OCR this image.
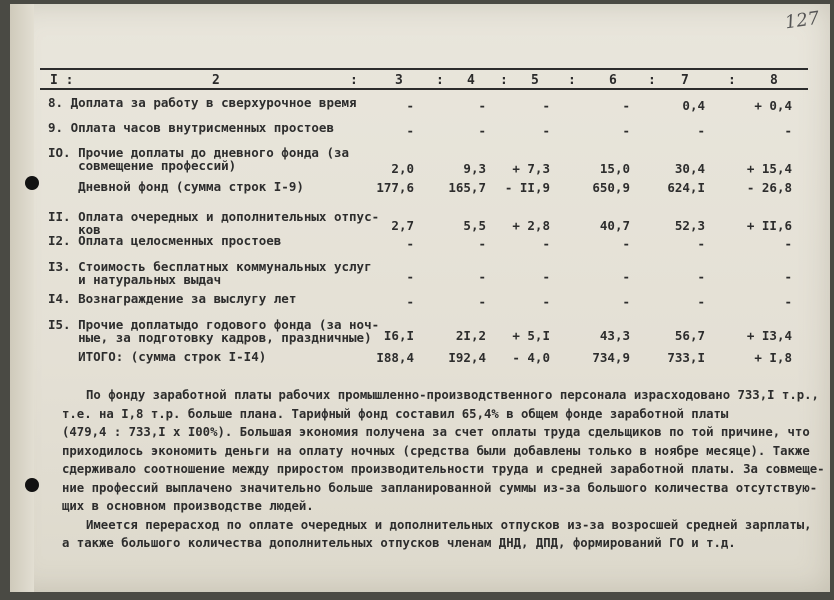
127
I :	2	:	3	: 4 : 5 :	6 : 7	:	8
8. Доплата за работу в сверхурочное время	-	-	-	-	0,4	+ 0,4
9. Оплата часов внутрисменных простоев	-	-	-	-	-	-
IO. Прочие доплаты до дневного фонда (за
совмещение профессий)	2,0	9,3	+ 7,3	15,0	30,4	+ 15,4
Дневной фонд (сумма строк I-9)	177,6	165,7	- II,9	650,9	624,I	- 26,8
II. Оплата очередных и дополнительных отпус-
ков	2,7	5,5	+ 2,8	40,7	52,3	+ II,6
I2. Оплата целосменных простоев	-	-	-	-	-	-
I3. Стоимость бесплатных коммунальных услуг
и натуральных выдач	-	-	-	-	-	-
I4. Вознаграждение за выслугу лет	-	-	-	-	-	-
I5. Прочие доплатыдо годового фонда (за ноч-
ные, за подготовку кадров, праздничные) I6,I	2I,2	+ 5,I	43,3	56,7	+ I3,4
ИТОГО: (сумма строк I-I4)	I88,4	I92,4	- 4,0	734,9	733,I	+ I,8
По фонду заработной платы рабочих промышленно-производственного персонала израсходовано 733,I т.р.,
т.е. на I,8 т.р. больше плана. Тарифный фонд составил 65,4% в общем фонде заработной платы
(479,4 : 733,I х I00%). Большая экономия получена за счет оплаты труда сдельщиков по той причине, что
приходилось экономить деньги на оплату ночных (средства были добавлены только в ноябре месяце). Также
сдерживало соотношение между приростом производительности труда и средней заработной платы. За совмеще-
ние профессий выплачено значительно больше запланированной суммы из-за большого количества отсутствую-
щих в основном производстве людей.
Имеется перерасход по оплате очередных и дополнительных отпусков из-за возросшей средней зарплаты,
а также большого количества дополнительных отпусков членам ДНД, ДПД, формирований ГО и т.д.
